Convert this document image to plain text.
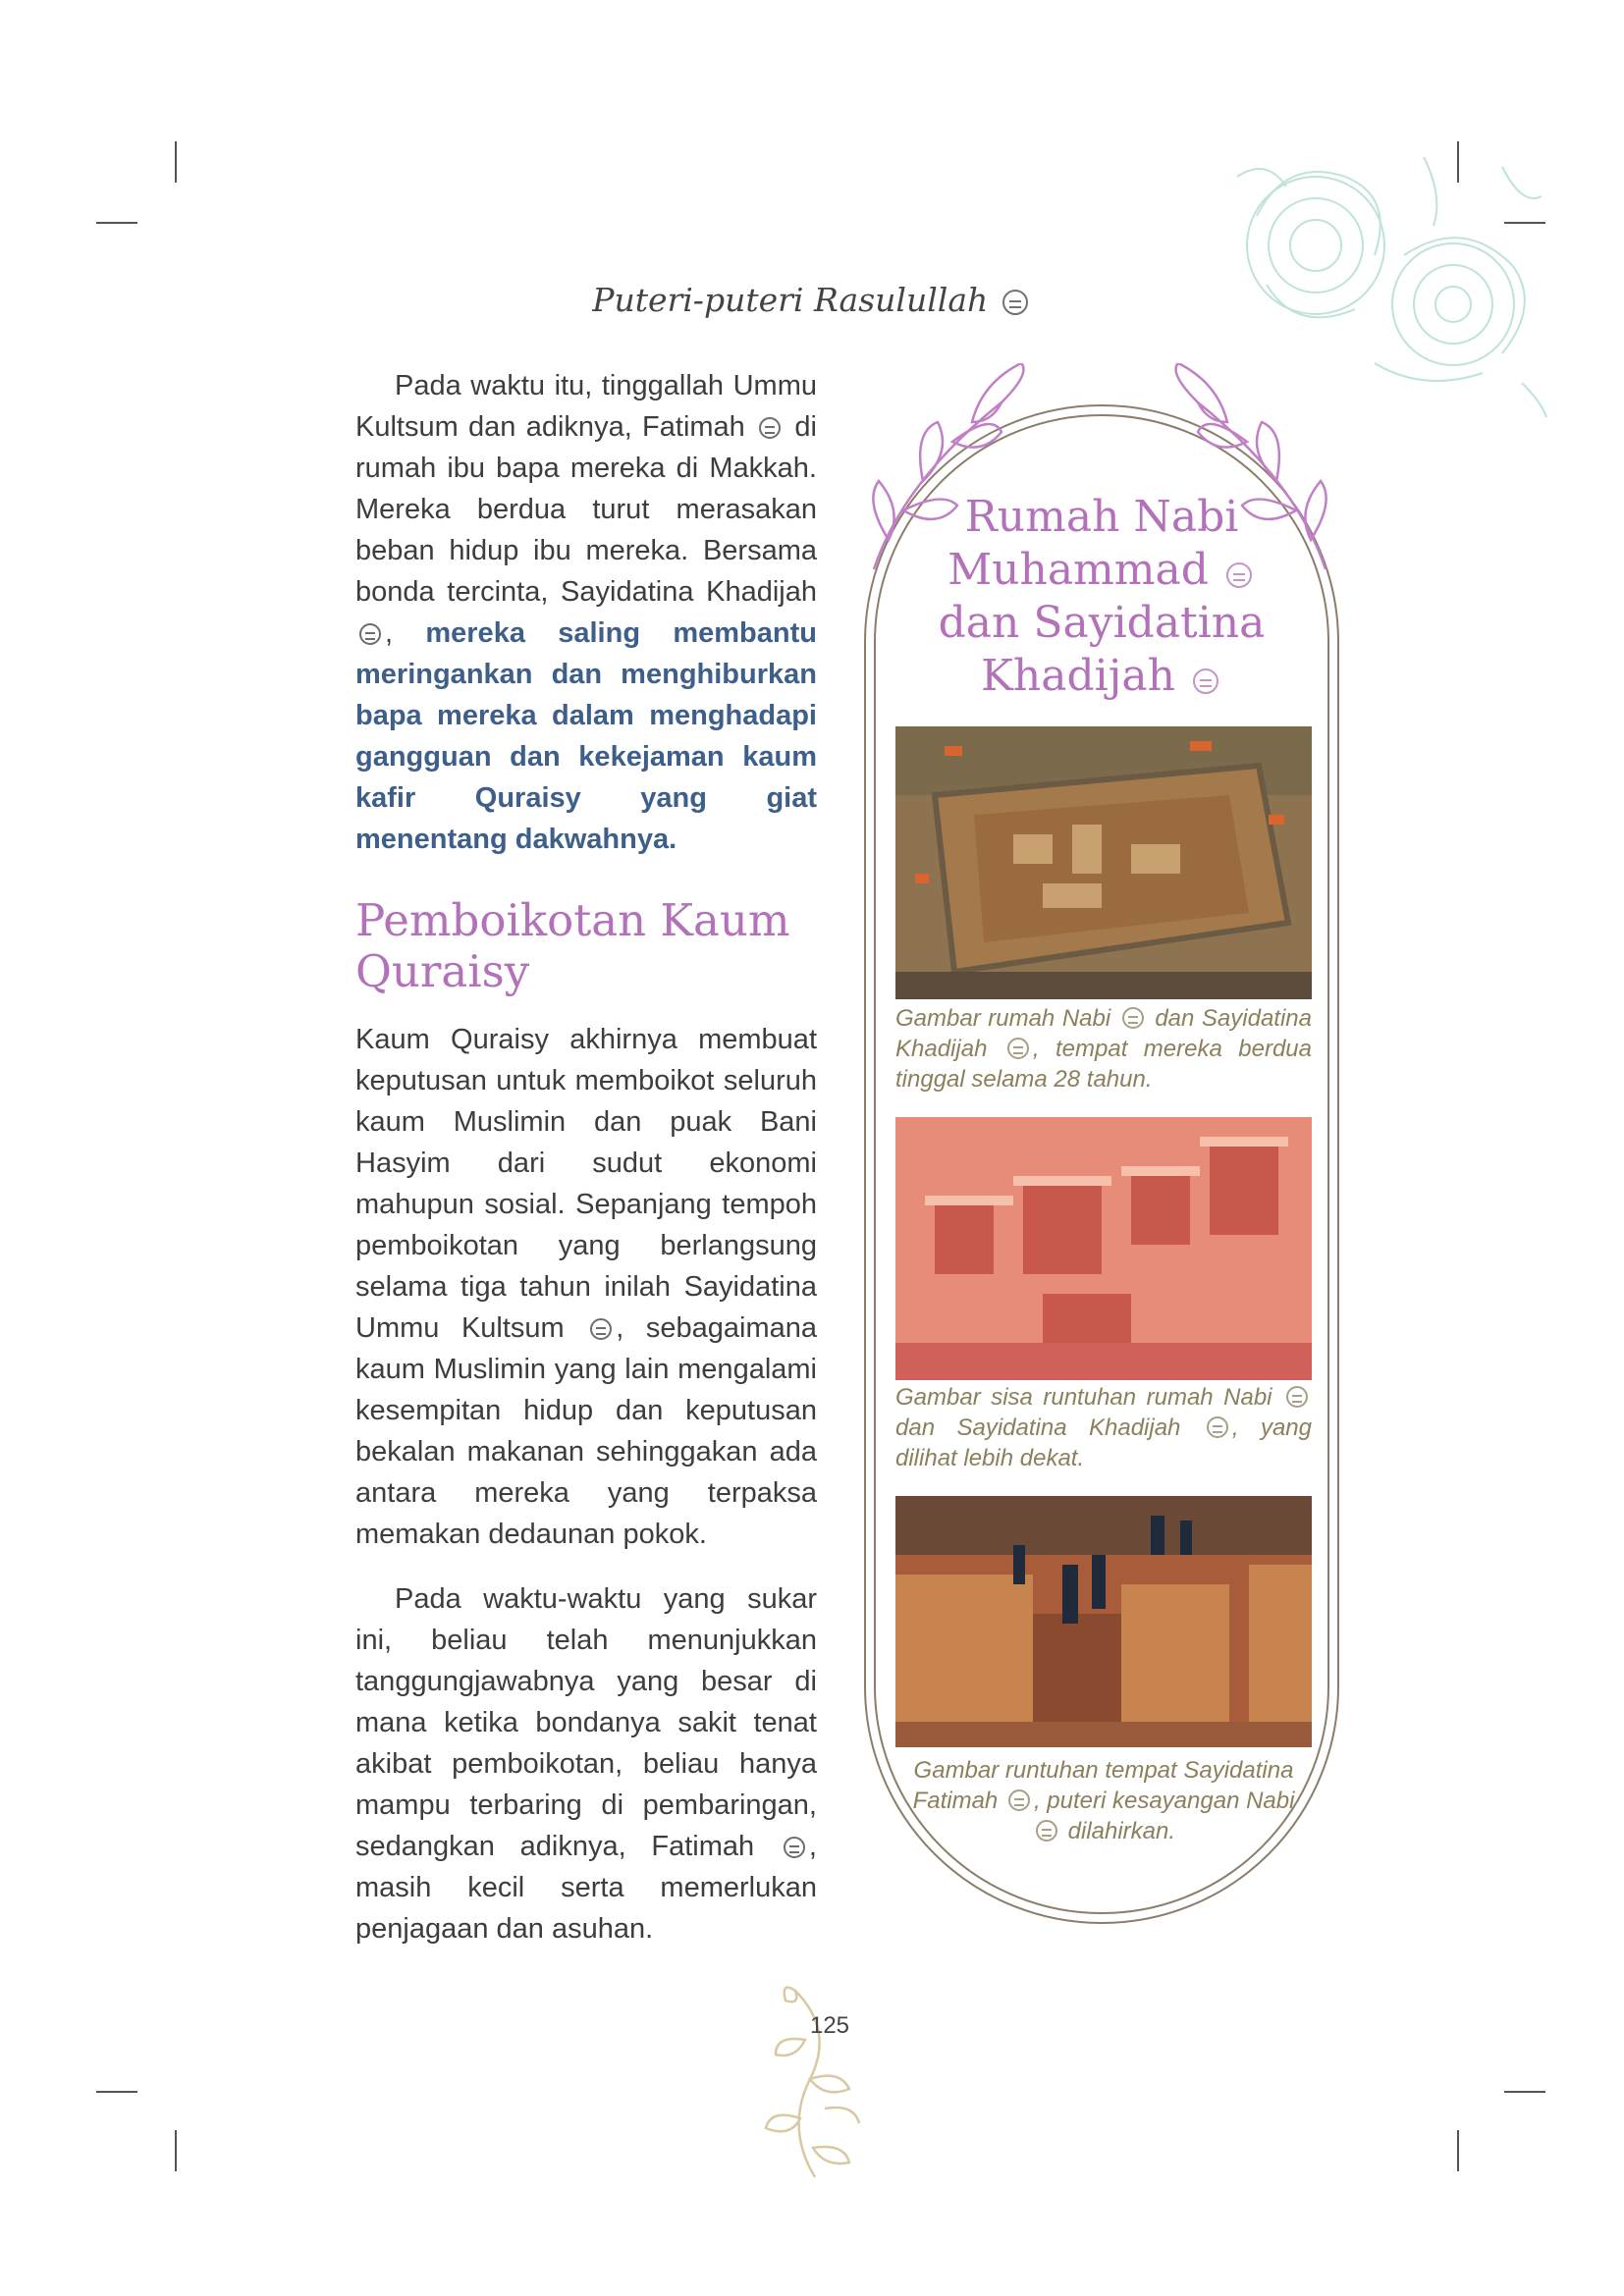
Puteri-puteri Rasulullah

Pada waktu itu, tinggallah Ummu Kultsum dan adiknya, Fatimah  di rumah ibu bapa mereka di Makkah. Mereka berdua turut merasakan beban hidup ibu mereka. Bersama bonda tercinta, Sayidatina Khadijah , mereka saling membantu meringankan dan menghiburkan bapa mereka dalam menghadapi gangguan dan kekejaman kaum kafir Quraisy yang giat menentang dakwahnya.

Pemboikotan Kaum Quraisy

Kaum Quraisy akhirnya membuat keputusan untuk memboikot seluruh kaum Muslimin dan puak Bani Hasyim dari sudut ekonomi mahupun sosial. Sepanjang tempoh pemboikotan yang berlangsung selama tiga tahun inilah Sayidatina Ummu Kultsum , sebagaimana kaum Muslimin yang lain mengalami kesempitan hidup dan keputusan bekalan makanan sehinggakan ada antara mereka yang terpaksa memakan dedaunan pokok.

Pada waktu-waktu yang sukar ini, beliau telah menunjukkan tanggungjawabnya yang besar di mana ketika bondanya sakit tenat akibat pemboikotan, beliau hanya mampu terbaring di pembaringan, sedangkan adiknya, Fatimah , masih kecil serta memerlukan penjagaan dan asuhan.

Rumah Nabi Muhammad
dan Sayidatina Khadijah
Gambar rumah Nabi  dan Sayidatina Khadijah , tempat mereka berdua tinggal selama 28 tahun.
Gambar sisa runtuhan rumah Nabi  dan Sayidatina Khadijah , yang dilihat lebih dekat.
Gambar runtuhan tempat Sayidatina Fatimah , puteri kesayangan Nabi  dilahirkan.
125
